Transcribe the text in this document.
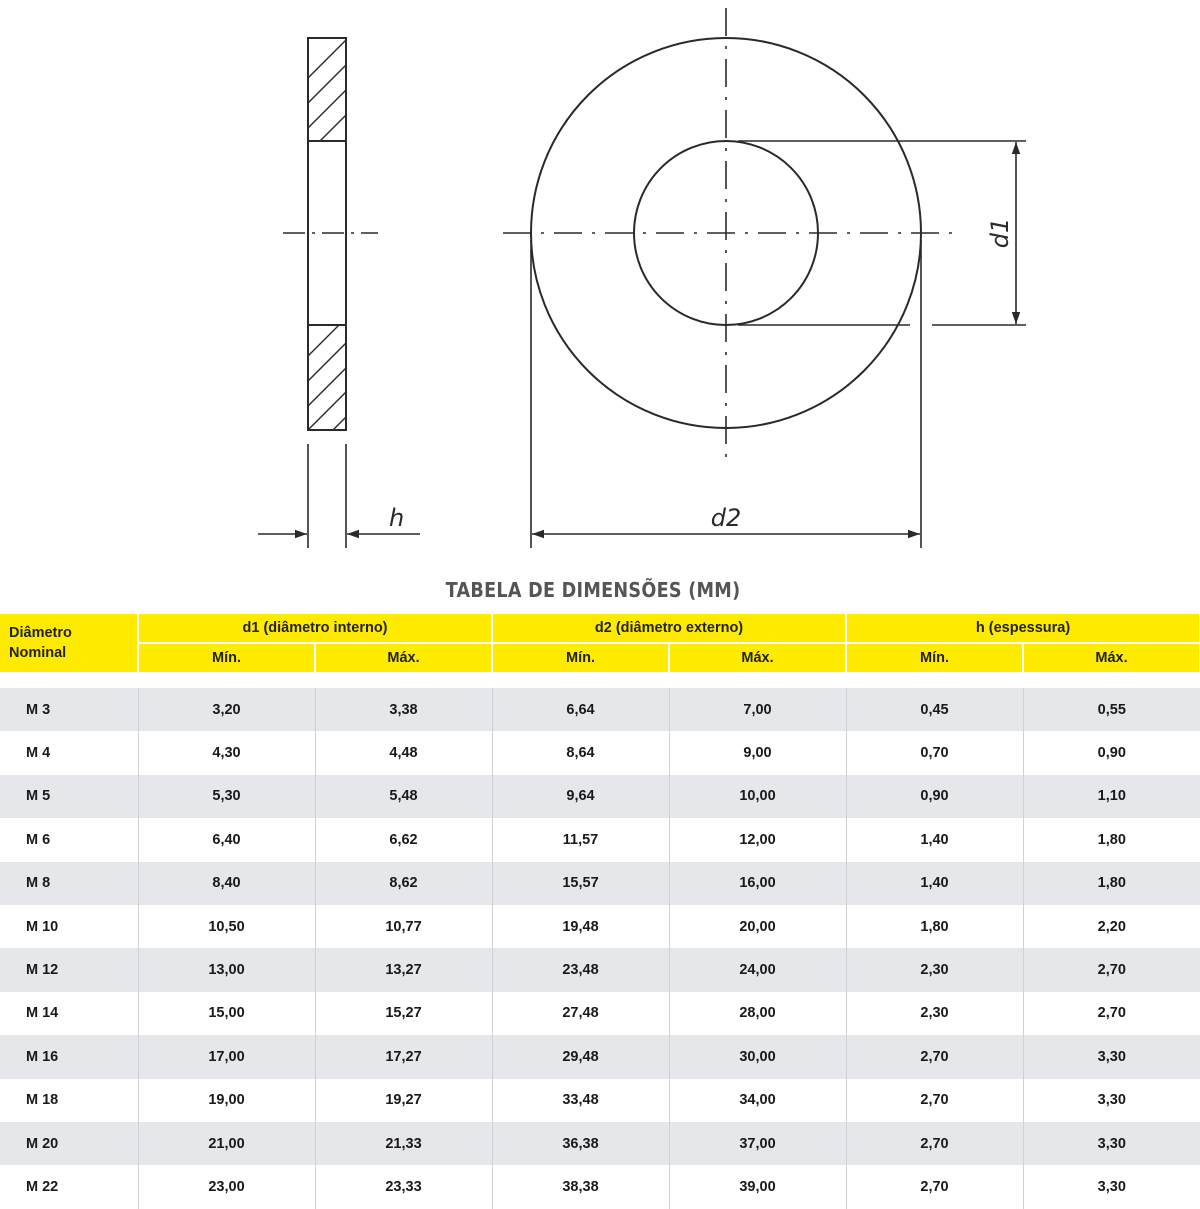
h
d1
d2
TABELA DE DIMENSÕES (MM)
Diâmetro
Nominal	d1 (diâmetro interno)		d2 (diâmetro externo)		h (espessura)	
	Mín.	Máx.	Mín.	Máx.	Mín.	Máx.

M 3	3,20	3,38	6,64	7,00	0,45	0,55
M 4	4,30	4,48	8,64	9,00	0,70	0,90
M 5	5,30	5,48	9,64	10,00	0,90	1,10
M 6	6,40	6,62	11,57	12,00	1,40	1,80
M 8	8,40	8,62	15,57	16,00	1,40	1,80
M 10	10,50	10,77	19,48	20,00	1,80	2,20
M 12	13,00	13,27	23,48	24,00	2,30	2,70
M 14	15,00	15,27	27,48	28,00	2,30	2,70
M 16	17,00	17,27	29,48	30,00	2,70	3,30
M 18	19,00	19,27	33,48	34,00	2,70	3,30
M 20	21,00	21,33	36,38	37,00	2,70	3,30
M 22	23,00	23,33	38,38	39,00	2,70	3,30
